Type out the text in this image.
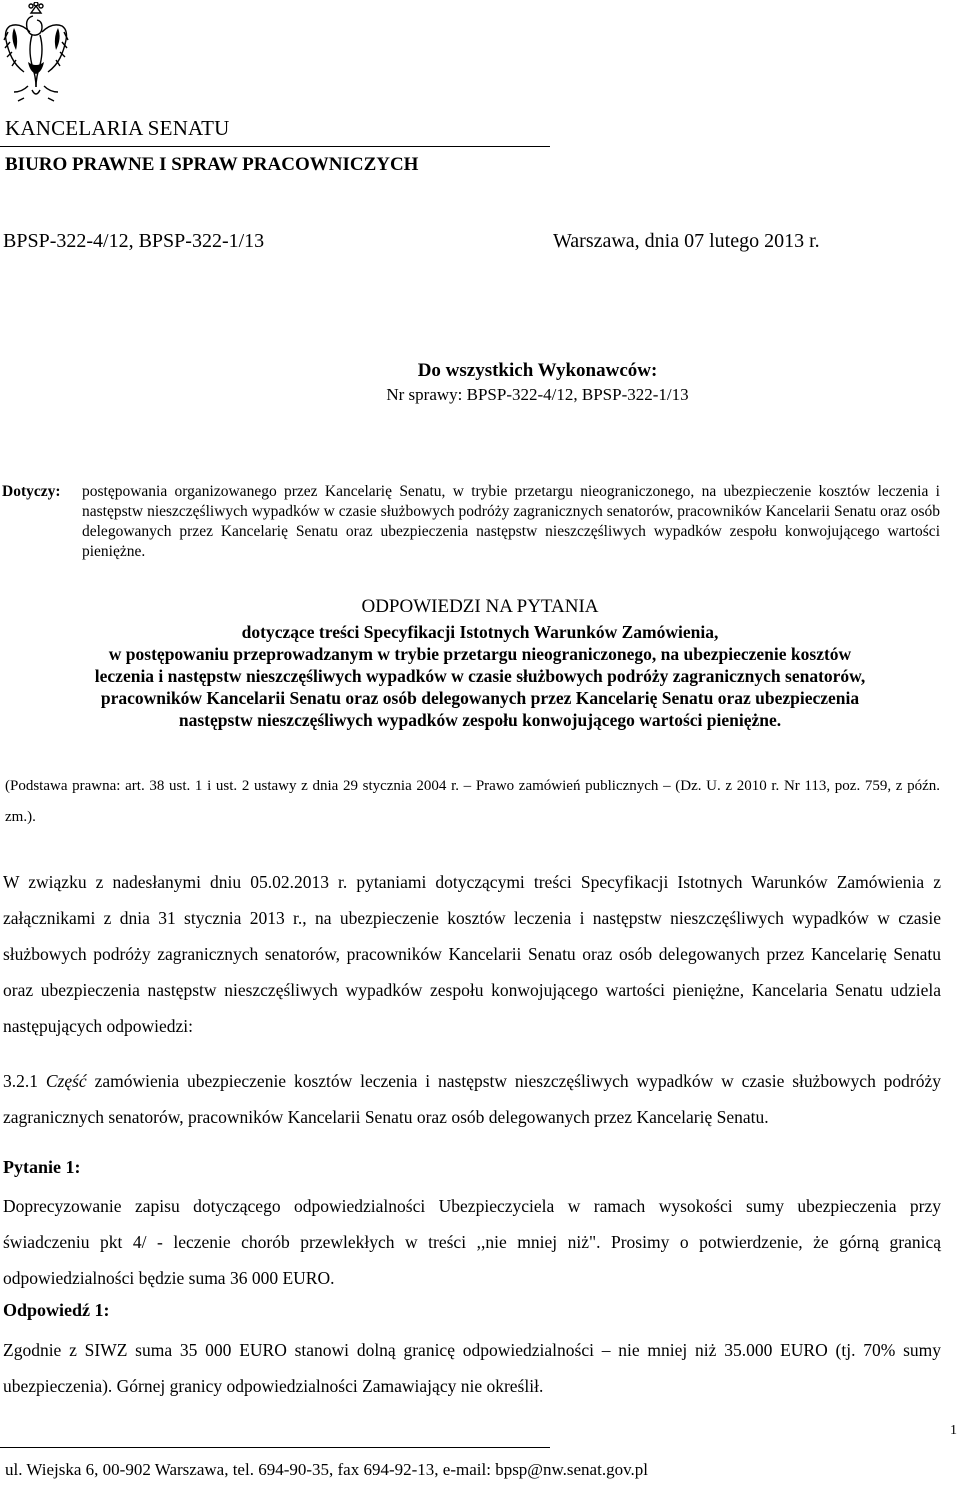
KANCELARIA SENATU
BIURO PRAWNE I SPRAW PRACOWNICZYCH
BPSP-322-4/12, BPSP-322-1/13	Warszawa, dnia 07 lutego 2013 r.
Do wszystkich Wykonawców:
Nr sprawy: BPSP-322-4/12, BPSP-322-1/13
Dotyczy: postępowania organizowanego przez Kancelarię Senatu, w trybie przetargu nieograniczonego, na ubezpieczenie kosztów leczenia i następstw nieszczęśliwych wypadków w czasie służbowych podróży zagranicznych senatorów, pracowników Kancelarii Senatu oraz osób delegowanych przez Kancelarię Senatu oraz ubezpieczenia następstw nieszczęśliwych wypadków zespołu konwojującego wartości pieniężne.
ODPOWIEDZI NA PYTANIA
dotyczące treści Specyfikacji Istotnych Warunków Zamówienia,
w postępowaniu przeprowadzanym w trybie przetargu nieograniczonego, na ubezpieczenie kosztów
leczenia i następstw nieszczęśliwych wypadków w czasie służbowych podróży zagranicznych senatorów,
pracowników Kancelarii Senatu oraz osób delegowanych przez Kancelarię Senatu oraz ubezpieczenia
następstw nieszczęśliwych wypadków zespołu konwojującego wartości pieniężne.
(Podstawa prawna: art. 38 ust. 1 i ust. 2 ustawy z dnia 29 stycznia 2004 r. – Prawo zamówień publicznych – (Dz. U. z 2010 r. Nr 113, poz. 759, z późn. zm.).
W związku z nadesłanymi dniu 05.02.2013 r. pytaniami dotyczącymi treści Specyfikacji Istotnych Warunków Zamówienia z załącznikami z dnia 31 stycznia 2013 r., na ubezpieczenie kosztów leczenia i następstw nieszczęśliwych wypadków w czasie służbowych podróży zagranicznych senatorów, pracowników Kancelarii Senatu oraz osób delegowanych przez Kancelarię Senatu oraz ubezpieczenia następstw nieszczęśliwych wypadków zespołu konwojującego wartości pieniężne, Kancelaria Senatu udziela następujących odpowiedzi:
3.2.1 Część zamówienia ubezpieczenie kosztów leczenia i następstw nieszczęśliwych wypadków w czasie służbowych podróży zagranicznych senatorów, pracowników Kancelarii Senatu oraz osób delegowanych przez Kancelarię Senatu.
Pytanie 1:
Doprecyzowanie zapisu dotyczącego odpowiedzialności Ubezpieczyciela w ramach wysokości sumy ubezpieczenia przy świadczeniu pkt 4/ - leczenie chorób przewlekłych w treści ,,nie mniej niż". Prosimy o potwierdzenie, że górną granicą odpowiedzialności będzie suma 36 000 EURO.
Odpowiedź 1:
Zgodnie z SIWZ suma 35 000 EURO stanowi dolną granicę odpowiedzialności – nie mniej niż 35.000 EURO (tj. 70% sumy ubezpieczenia). Górnej granicy odpowiedzialności Zamawiający nie określił.
1
ul. Wiejska 6, 00-902 Warszawa, tel. 694-90-35, fax 694-92-13, e-mail: bpsp@nw.senat.gov.pl
